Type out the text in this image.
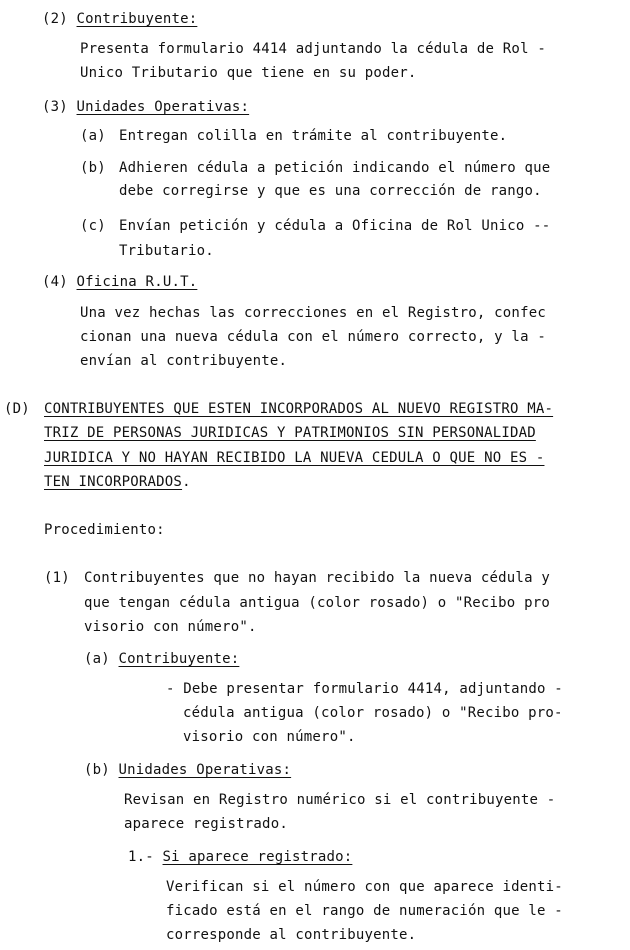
(2) Contribuyente:
Presenta formulario 4414 adjuntando la cédula de Rol -
Unico Tributario que tiene en su poder.
(3) Unidades Operativas:
(a) Entregan colilla en trámite al contribuyente.
(b) Adhieren cédula a petición indicando el número que
debe corregirse y que es una corrección de rango.
(c) Envían petición y cédula a Oficina de Rol Unico --
Tributario.
(4) Oficina R.U.T.
Una vez hechas las correcciones en el Registro, confec
cionan una nueva cédula con el número correcto, y la -
envían al contribuyente.
(D) CONTRIBUYENTES QUE ESTEN INCORPORADOS AL NUEVO REGISTRO MA-
TRIZ DE PERSONAS JURIDICAS Y PATRIMONIOS SIN PERSONALIDAD
JURIDICA Y NO HAYAN RECIBIDO LA NUEVA CEDULA O QUE NO ES -
TEN INCORPORADOS.
Procedimiento:
(1) Contribuyentes que no hayan recibido la nueva cédula y
que tengan cédula antigua (color rosado) o "Recibo pro
visorio con número".
(a) Contribuyente:
- Debe presentar formulario 4414, adjuntando -
cédula antigua (color rosado) o "Recibo pro-
visorio con número".
(b) Unidades Operativas:
Revisan en Registro numérico si el contribuyente -
aparece registrado.
1.- Si aparece registrado:
Verifican si el número con que aparece identi-
ficado está en el rango de numeración que le -
corresponde al contribuyente.
